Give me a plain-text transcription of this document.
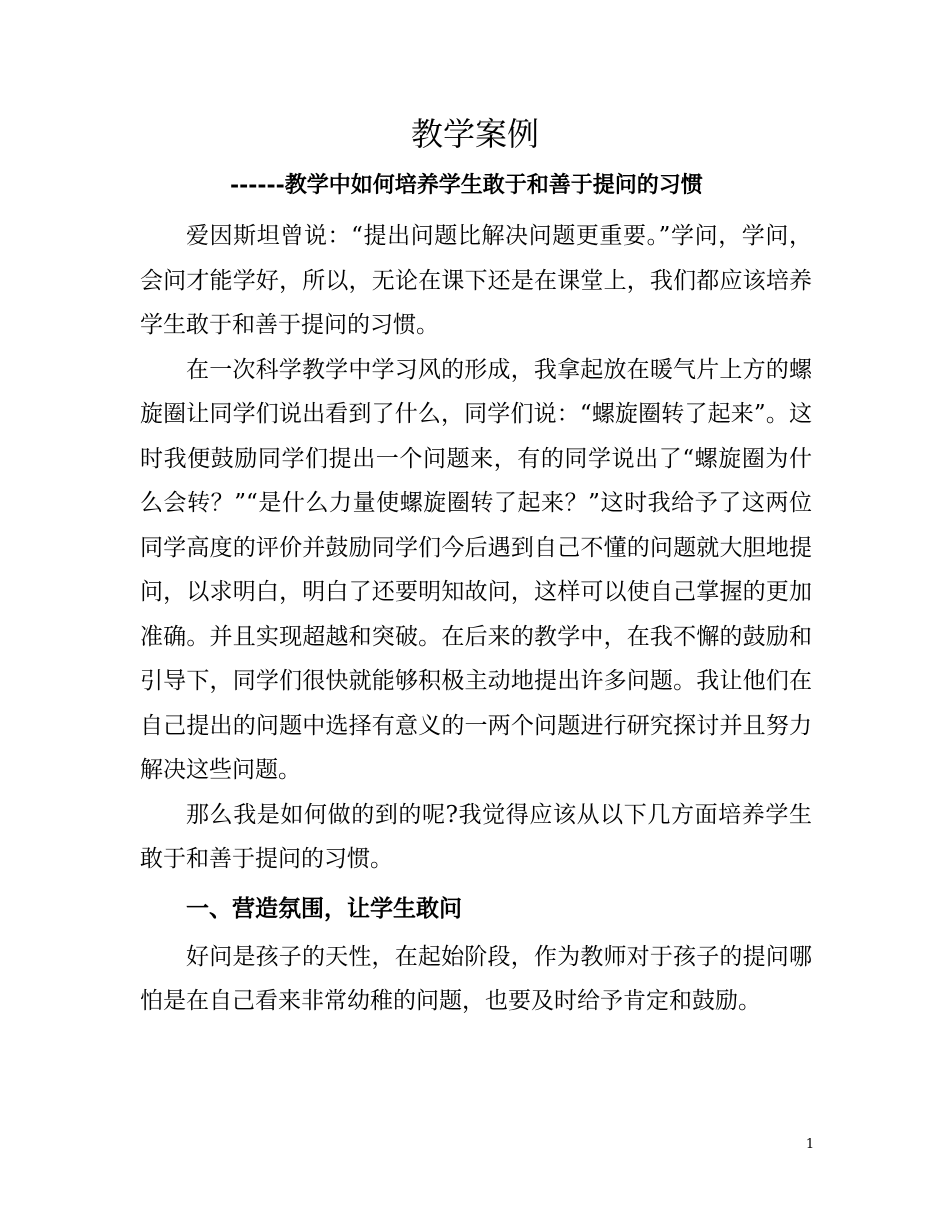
教学案例
------教学中如何培养学生敢于和善于提问的习惯

爱因斯坦曾说：“提出问题比解决问题更重要。”学问，学问，会问才能学好，所以，无论在课下还是在课堂上，我们都应该培养学生敢于和善于提问的习惯。

在一次科学教学中学习风的形成，我拿起放在暖气片上方的螺旋圈让同学们说出看到了什么，同学们说：“螺旋圈转了起来”。这时我便鼓励同学们提出一个问题来，有的同学说出了“螺旋圈为什么会转？”“是什么力量使螺旋圈转了起来？”这时我给予了这两位同学高度的评价并鼓励同学们今后遇到自己不懂的问题就大胆地提问，以求明白，明白了还要明知故问，这样可以使自己掌握的更加准确。并且实现超越和突破。在后来的教学中，在我不懈的鼓励和引导下，同学们很快就能够积极主动地提出许多问题。我让他们在自己提出的问题中选择有意义的一两个问题进行研究探讨并且努力解决这些问题。

那么我是如何做的到的呢?我觉得应该从以下几方面培养学生敢于和善于提问的习惯。

一、营造氛围，让学生敢问

好问是孩子的天性，在起始阶段，作为教师对于孩子的提问哪怕是在自己看来非常幼稚的问题，也要及时给予肯定和鼓励。

1
